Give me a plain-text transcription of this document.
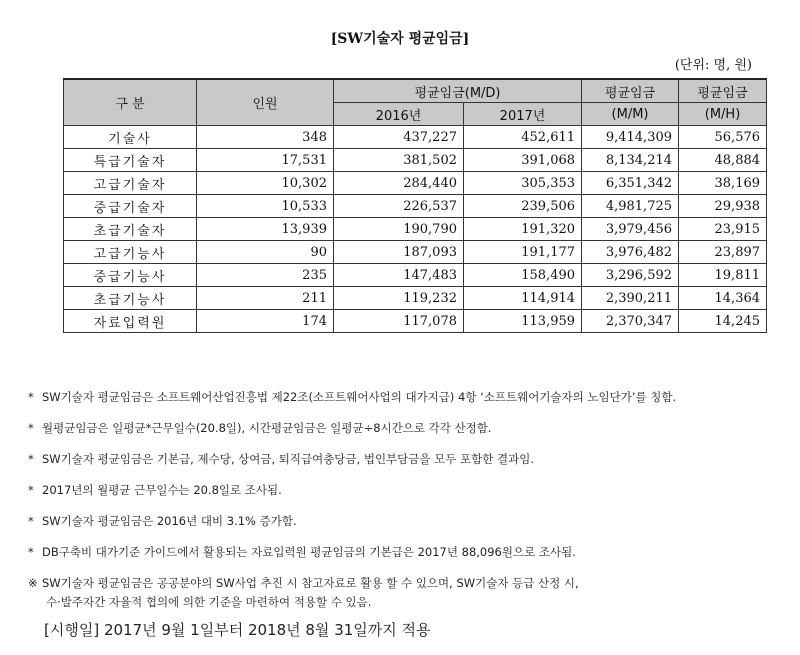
[SW기술자 평균임금]
(단위: 명, 원)
구 분	인원	평균임금(M/D)		평균임금	평균임금
		2016년	2017년	(M/M)	(M/H)
기술사	348	437,227	452,611	9,414,309	56,576
특급기술자	17,531	381,502	391,068	8,134,214	48,884
고급기술자	10,302	284,440	305,353	6,351,342	38,169
중급기술자	10,533	226,537	239,506	4,981,725	29,938
초급기술자	13,939	190,790	191,320	3,979,456	23,915
고급기능사	90	187,093	191,177	3,976,482	23,897
중급기능사	235	147,483	158,490	3,296,592	19,811
초급기능사	211	119,232	114,914	2,390,211	14,364
자료입력원	174	117,078	113,959	2,370,347	14,245

* SW기술자 평균임금은 소프트웨어산업진흥법 제22조(소프트웨어사업의 대가지급) 4항 ‘소프트웨어기술자의 노임단가’를 칭함.

* 월평균임금은 일평균*근무일수(20.8일), 시간평균임금은 일평균÷8시간으로 각각 산정함.

* SW기술자 평균임금은 기본급, 제수당, 상여금, 퇴직급여충당금, 법인부담금을 모두 포함한 결과임.

* 2017년의 월평균 근무일수는 20.8일로 조사됨.

* SW기술자 평균임금은 2016년 대비 3.1% 증가함.

* DB구축비 대가기준 가이드에서 활용되는 자료입력원 평균임금의 기본급은 2017년 88,096원으로 조사됨.

※ SW기술자 평균임금은 공공분야의 SW사업 추진 시 참고자료로 활용 할 수 있으며, SW기술자 등급 산정 시,
수·발주자간 자율적 협의에 의한 기준을 마련하여 적용할 수 있음.
[시행일] 2017년 9월 1일부터 2018년 8월 31일까지 적용
